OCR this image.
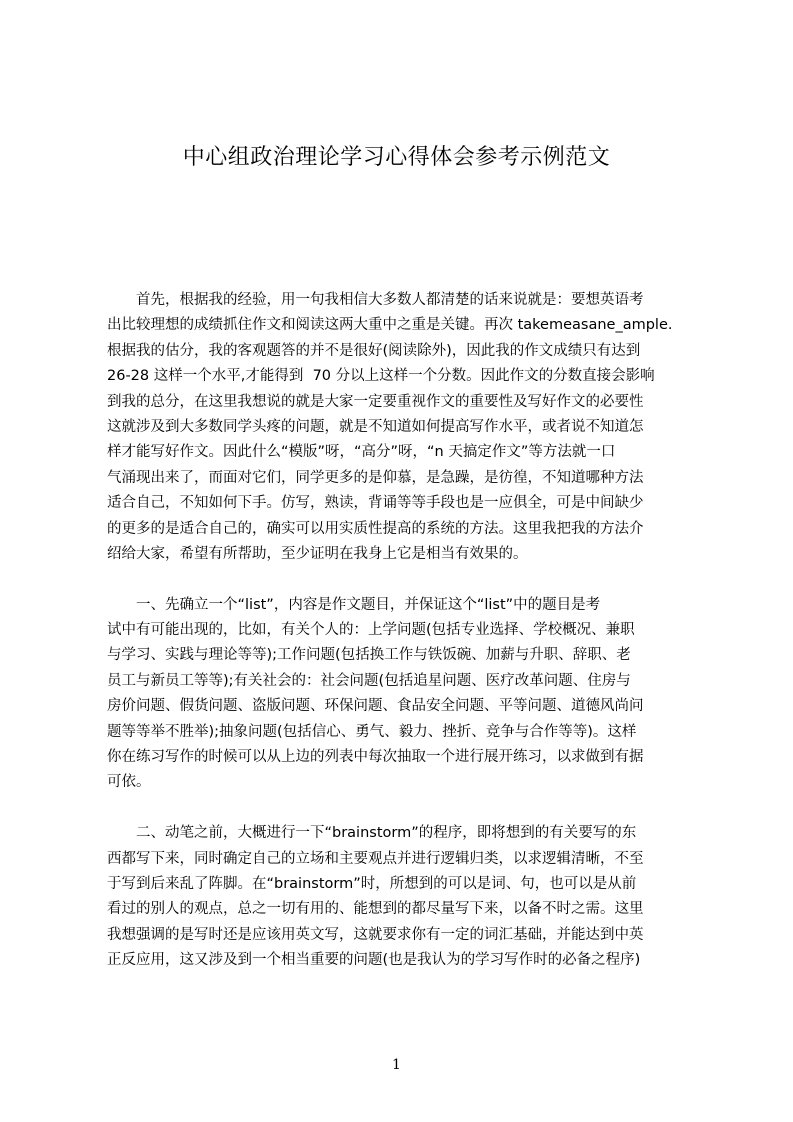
中心组政治理论学习心得体会参考示例范文
　　首先，根据我的经验，用一句我相信大多数人都清楚的话来说就是：要想英语考
出比较理想的成绩抓住作文和阅读这两大重中之重是关键。再次 takemeasane_ample.
根据我的估分，我的客观题答的并不是很好(阅读除外)，因此我的作文成绩只有达到
26-28 这样一个水平,才能得到  70 分以上这样一个分数。因此作文的分数直接会影响
到我的总分，在这里我想说的就是大家一定要重视作文的重要性及写好作文的必要性
这就涉及到大多数同学头疼的问题，就是不知道如何提高写作水平，或者说不知道怎
样才能写好作文。因此什么“模版”呀，“高分”呀，“n 天搞定作文”等方法就一口
气涌现出来了，而面对它们，同学更多的是仰慕，是急躁，是彷徨，不知道哪种方法
适合自己，不知如何下手。仿写，熟读，背诵等等手段也是一应俱全，可是中间缺少
的更多的是适合自己的，确实可以用实质性提高的系统的方法。这里我把我的方法介
绍给大家，希望有所帮助，至少证明在我身上它是相当有效果的。
　　一、先确立一个“list”，内容是作文题目，并保证这个“list”中的题目是考
试中有可能出现的，比如，有关个人的：上学问题(包括专业选择、学校概况、兼职
与学习、实践与理论等等);工作问题(包括换工作与铁饭碗、加薪与升职、辞职、老
员工与新员工等等);有关社会的：社会问题(包括追星问题、医疗改革问题、住房与
房价问题、假货问题、盗版问题、环保问题、食品安全问题、平等问题、道德风尚问
题等等举不胜举);抽象问题(包括信心、勇气、毅力、挫折、竞争与合作等等)。这样
你在练习写作的时候可以从上边的列表中每次抽取一个进行展开练习，以求做到有据
可依。
　　二、动笔之前，大概进行一下“brainstorm”的程序，即将想到的有关要写的东
西都写下来，同时确定自己的立场和主要观点并进行逻辑归类，以求逻辑清晰，不至
于写到后来乱了阵脚。在“brainstorm”时，所想到的可以是词、句，也可以是从前
看过的别人的观点，总之一切有用的、能想到的都尽量写下来，以备不时之需。这里
我想强调的是写时还是应该用英文写，这就要求你有一定的词汇基础，并能达到中英
正反应用，这又涉及到一个相当重要的问题(也是我认为的学习写作时的必备之程序)
1
